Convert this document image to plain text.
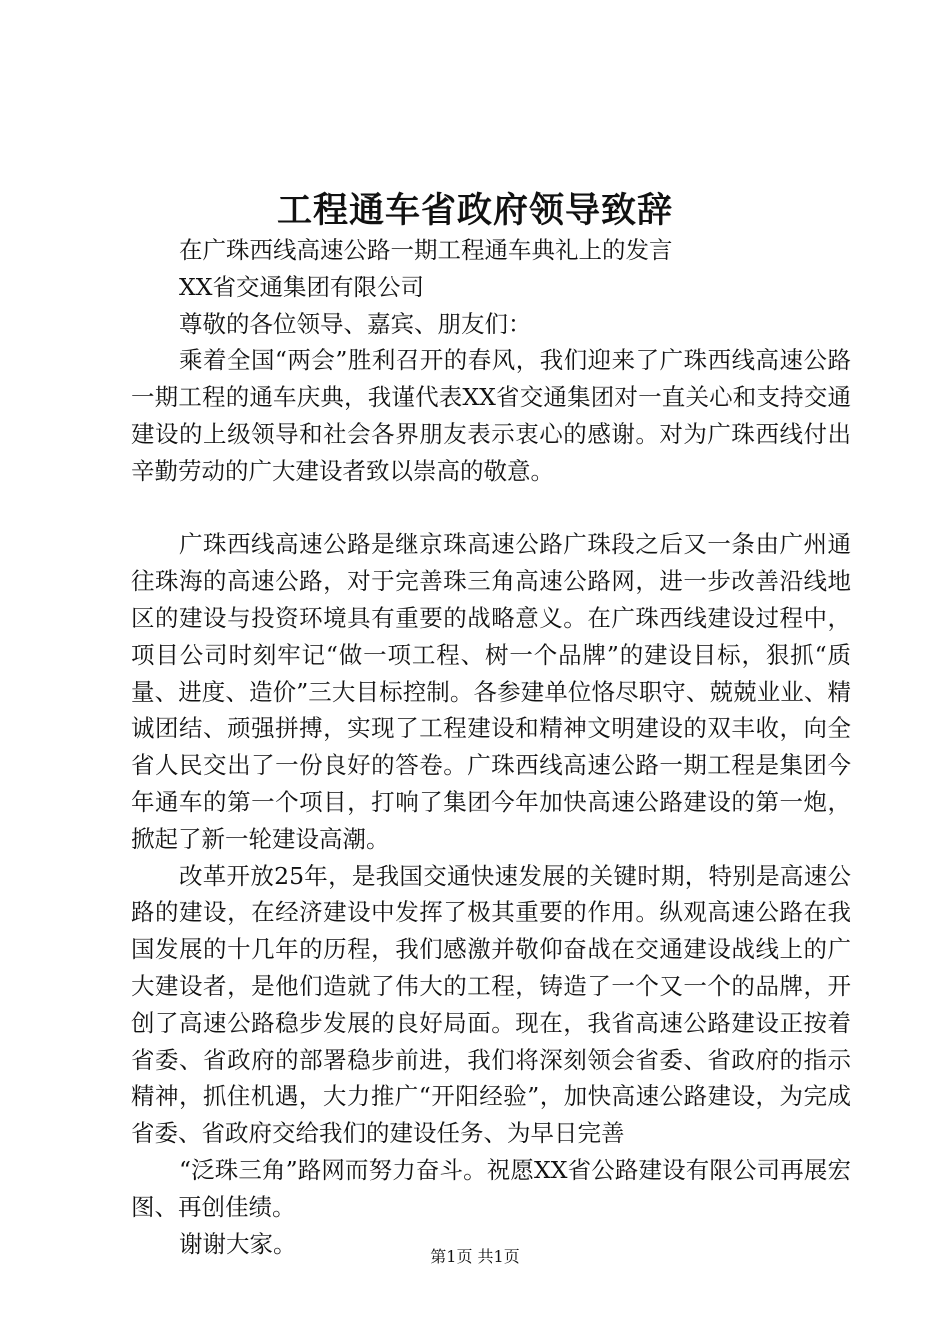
工程通车省政府领导致辞

在广珠西线高速公路一期工程通车典礼上的发言

XX省交通集团有限公司

尊敬的各位领导、嘉宾、朋友们：

乘着全国“两会”胜利召开的春风，我们迎来了广珠西线高速公路一期工程的通车庆典，我谨代表XX省交通集团对一直关心和支持交通建设的上级领导和社会各界朋友表示衷心的感谢。对为广珠西线付出辛勤劳动的广大建设者致以崇高的敬意。

广珠西线高速公路是继京珠高速公路广珠段之后又一条由广州通往珠海的高速公路，对于完善珠三角高速公路网，进一步改善沿线地区的建设与投资环境具有重要的战略意义。在广珠西线建设过程中，项目公司时刻牢记“做一项工程、树一个品牌”的建设目标，狠抓“质量、进度、造价”三大目标控制。各参建单位恪尽职守、兢兢业业、精诚团结、顽强拼搏，实现了工程建设和精神文明建设的双丰收，向全省人民交出了一份良好的答卷。广珠西线高速公路一期工程是集团今年通车的第一个项目，打响了集团今年加快高速公路建设的第一炮，掀起了新一轮建设高潮。

改革开放25年，是我国交通快速发展的关键时期，特别是高速公路的建设，在经济建设中发挥了极其重要的作用。纵观高速公路在我国发展的十几年的历程，我们感激并敬仰奋战在交通建设战线上的广大建设者，是他们造就了伟大的工程，铸造了一个又一个的品牌，开创了高速公路稳步发展的良好局面。现在，我省高速公路建设正按着省委、省政府的部署稳步前进，我们将深刻领会省委、省政府的指示精神，抓住机遇，大力推广“开阳经验”，加快高速公路建设，为完成省委、省政府交给我们的建设任务、为早日完善

“泛珠三角”路网而努力奋斗。祝愿XX省公路建设有限公司再展宏图、再创佳绩。

谢谢大家。	第1页 共1页
